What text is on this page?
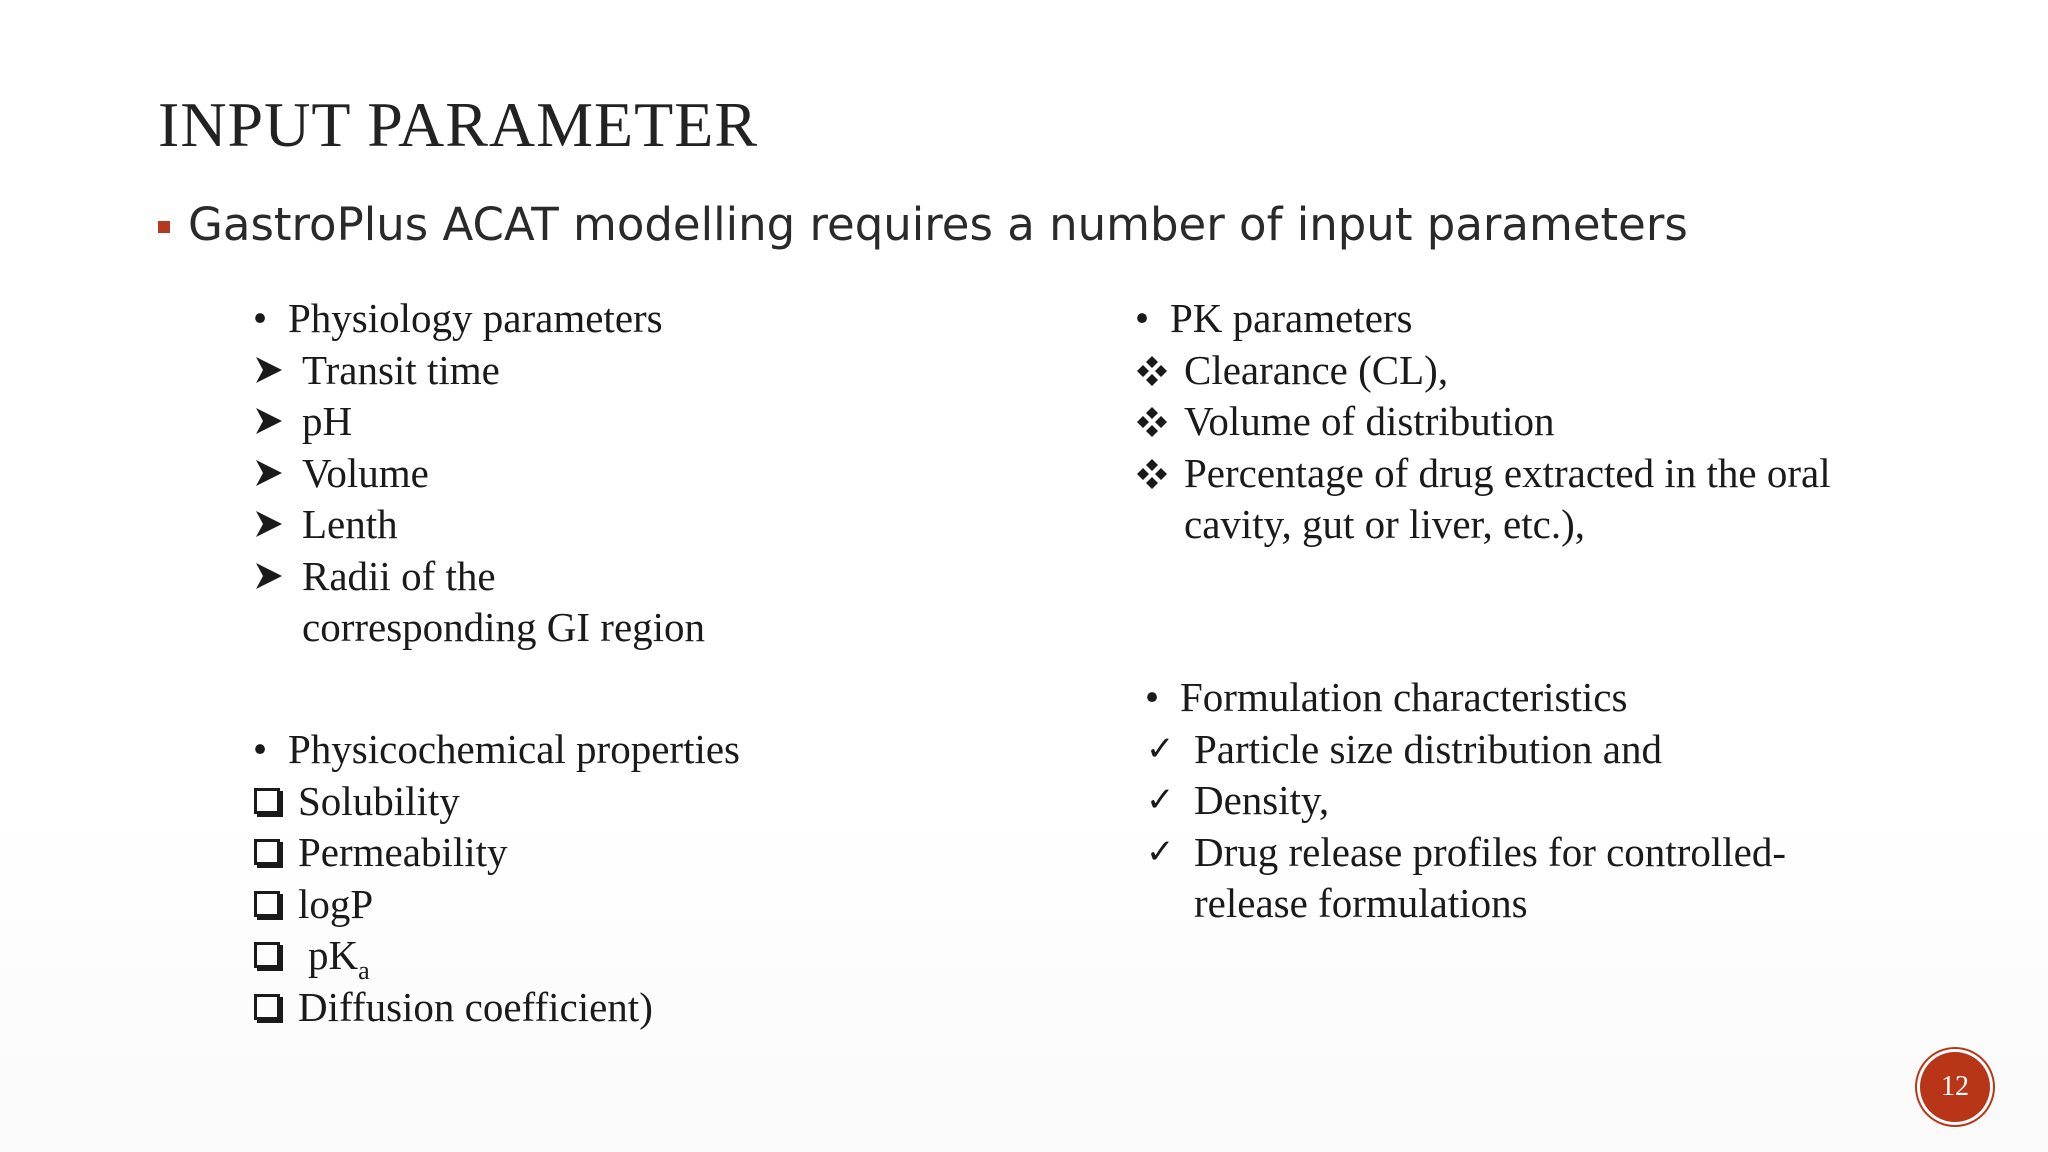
INPUT PARAMETER
GastroPlus ACAT modelling requires a number of input parameters
• Physiology parameters
Transit time
pH
Volume
Lenth
Radii of the
corresponding GI region
• Physicochemical properties
Solubility
Permeability
logP
$pK_a$
Diffusion coefficient)
• PK parameters
Clearance (CL),
Volume of distribution
Percentage of drug extracted in the oral
cavity, gut or liver, etc.),
• Formulation characteristics
✓ Particle size distribution and
✓ Density,
✓ Drug release profiles for controlled-
release formulations
12
